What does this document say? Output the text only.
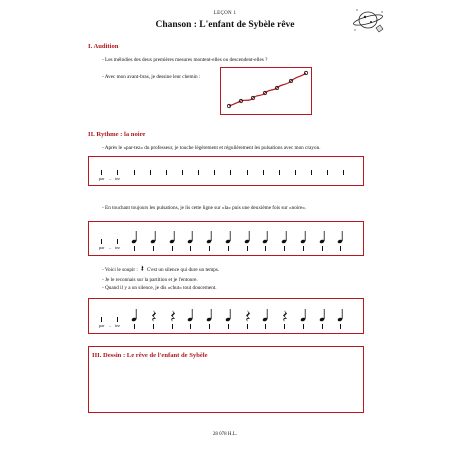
LEÇON 1
Chanson : L'enfant de Sybèle rêve
I. Audition
- Les mélodies des deux premières mesures montent-elles ou descendent-elles ?
- Avec mon avant-bras, je dessine leur chemin :
II. Rythme : la noire
- Après le «par-tez» du professeur, je touche légèrement et régulièrement les pulsations avec mon crayon.
par	tez
–
- En touchant toujours les pulsations, je lis cette ligne sur «la» puis une deuxième fois sur «noire».
par	tez
–
- Voici le soupir : 𝄽 C'est un silence qui dure un temps.
- Je le reconnais sur la partition et je l'entoure.
- Quand il y a un silence, je dis «chut» tout doucement.
par	tez
–
III. Dessin : Le rêve de l'enfant de Sybèle
28 078 H.L.
